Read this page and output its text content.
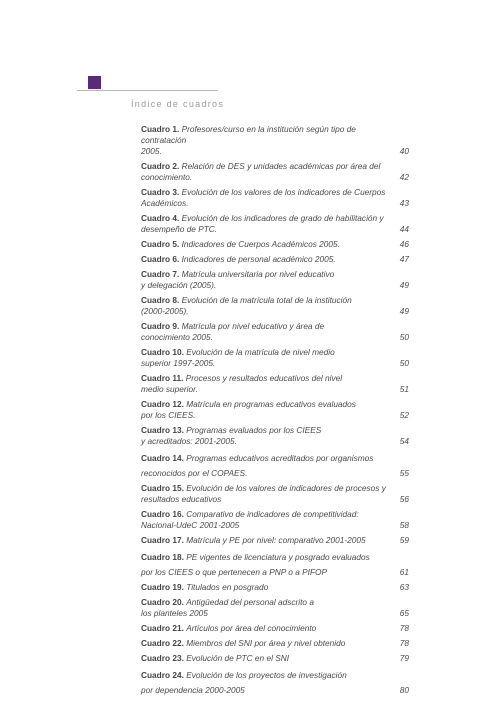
Índice de cuadros
Cuadro 1. Profesores/curso en la institución según tipo de contratación
2005.	40
Cuadro 2. Relación de DES y unidades académicas por área del
conocimiento.	42
Cuadro 3. Evolución de los valores de los indicadores de Cuerpos
Académicos.	43
Cuadro 4. Evolución de los indicadores de grado de habilitación y
desempeño de PTC.	44
Cuadro 5. Indicadores de Cuerpos Académicos 2005.	46
Cuadro 6. Indicadores de personal académico 2005.	47
Cuadro 7. Matrícula universitaria por nivel educativo
y delegación (2005).	49
Cuadro 8. Evolución de la matrícula total de la institución
(2000-2005).	49
Cuadro 9. Matrícula por nivel educativo y área de
conocimiento 2005.	50
Cuadro 10. Evolución de la matrícula de nivel medio
superior 1997-2005.	50
Cuadro 11. Procesos y resultados educativos del nivel
medio superior.	51
Cuadro 12. Matrícula en programas educativos evaluados
por los CIEES.	52
Cuadro 13. Programas evaluados por los CIEES
y acreditados: 2001-2005.	54
Cuadro 14. Programas educativos acreditados por organismos
reconocidos por el COPAES.	55
Cuadro 15. Evolución de los valores de indicadores de procesos y
resultados educativos	56
Cuadro 16. Comparativo de indicadores de competitividad:
Nacional-UdeC 2001-2005	58
Cuadro 17. Matrícula y PE por nivel: comparativo 2001-2005	59
Cuadro 18. PE vigentes de licenciatura y posgrado evaluados
por los CIEES o que pertenecen a PNP o a PIFOP	61
Cuadro 19. Titulados en posgrado	63
Cuadro 20. Antigüedad del personal adscrito a
los planteles 2005	65
Cuadro 21. Artículos por área del conocimiento	78
Cuadro 22. Miembros del SNI por área y nivel obtenido	78
Cuadro 23. Evolución de PTC en el SNI	79
Cuadro 24. Evolución de los proyectos de investigación
por dependencia 2000-2005	80
